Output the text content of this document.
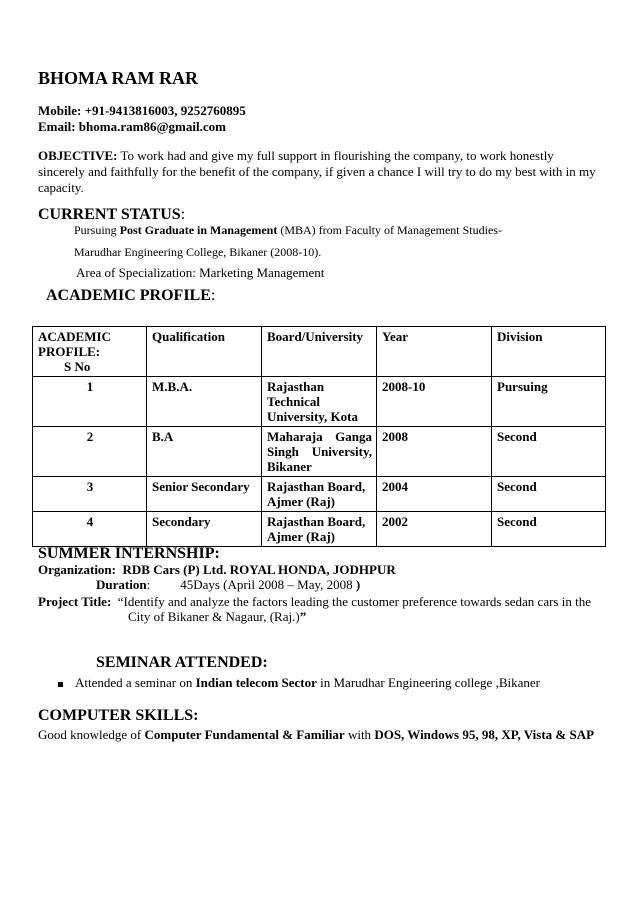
BHOMA RAM RAR
Mobile: +91-9413816003, 9252760895
Email: bhoma.ram86@gmail.com
OBJECTIVE: To work had and give my full support in flourishing the company, to work honestly sincerely and faithfully for the benefit of the company, if given a chance I will try to do my best with in my capacity.
CURRENT STATUS:
Pursuing Post Graduate in Management (MBA) from Faculty of Management Studies-
Marudhar Engineering College, Bikaner (2008-10).
Area of Specialization: Marketing Management
ACADEMIC PROFILE:
ACADEMIC PROFILE:
S No	Qualification	Board/University	Year	Division
1	M.B.A.	Rajasthan Technical University, Kota	2008-10	Pursuing
2	B.A	Maharaja Ganga Singh University, Bikaner	2008	Second
3	Senior Secondary	Rajasthan Board, Ajmer (Raj)	2004	Second
4	Secondary	Rajasthan Board, Ajmer (Raj)	2002	Second
SUMMER INTERNSHIP:
Organization: RDB Cars (P) Ltd. ROYAL HONDA, JODHPUR
Duration: 45Days (April 2008 – May, 2008 )
Project Title: “Identify and analyze the factors leading the customer preference towards sedan cars in the
City of Bikaner & Nagaur, (Raj.)”
SEMINAR ATTENDED:
Attended a seminar on Indian telecom Sector in Marudhar Engineering college ,Bikaner
COMPUTER SKILLS:
Good knowledge of Computer Fundamental & Familiar with DOS, Windows 95, 98, XP, Vista & SAP
